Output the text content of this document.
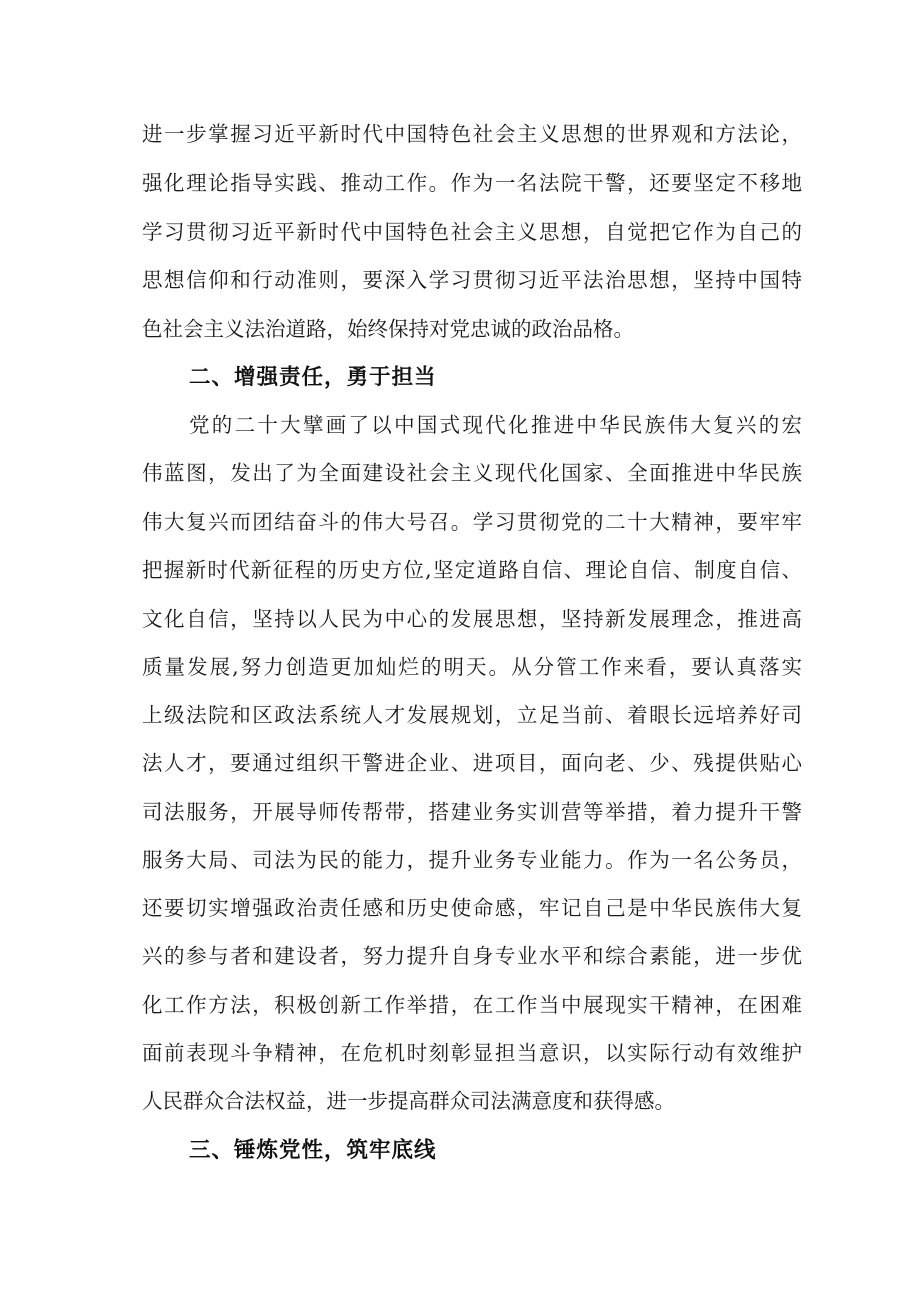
进一步掌握习近平新时代中国特色社会主义思想的世界观和方法论，
强化理论指导实践、推动工作。作为一名法院干警，还要坚定不移地
学习贯彻习近平新时代中国特色社会主义思想，自觉把它作为自己的
思想信仰和行动准则，要深入学习贯彻习近平法治思想，坚持中国特
色社会主义法治道路，始终保持对党忠诚的政治品格。
二、增强责任，勇于担当
党的二十大擘画了以中国式现代化推进中华民族伟大复兴的宏
伟蓝图，发出了为全面建设社会主义现代化国家、全面推进中华民族
伟大复兴而团结奋斗的伟大号召。学习贯彻党的二十大精神，要牢牢
把握新时代新征程的历史方位,坚定道路自信、理论自信、制度自信、
文化自信，坚持以人民为中心的发展思想，坚持新发展理念，推进高
质量发展,努力创造更加灿烂的明天。从分管工作来看，要认真落实
上级法院和区政法系统人才发展规划，立足当前、着眼长远培养好司
法人才，要通过组织干警进企业、进项目，面向老、少、残提供贴心
司法服务，开展导师传帮带，搭建业务实训营等举措，着力提升干警
服务大局、司法为民的能力，提升业务专业能力。作为一名公务员，
还要切实增强政治责任感和历史使命感，牢记自己是中华民族伟大复
兴的参与者和建设者，努力提升自身专业水平和综合素能，进一步优
化工作方法，积极创新工作举措，在工作当中展现实干精神，在困难
面前表现斗争精神，在危机时刻彰显担当意识，以实际行动有效维护
人民群众合法权益，进一步提高群众司法满意度和获得感。
三、锤炼党性，筑牢底线
